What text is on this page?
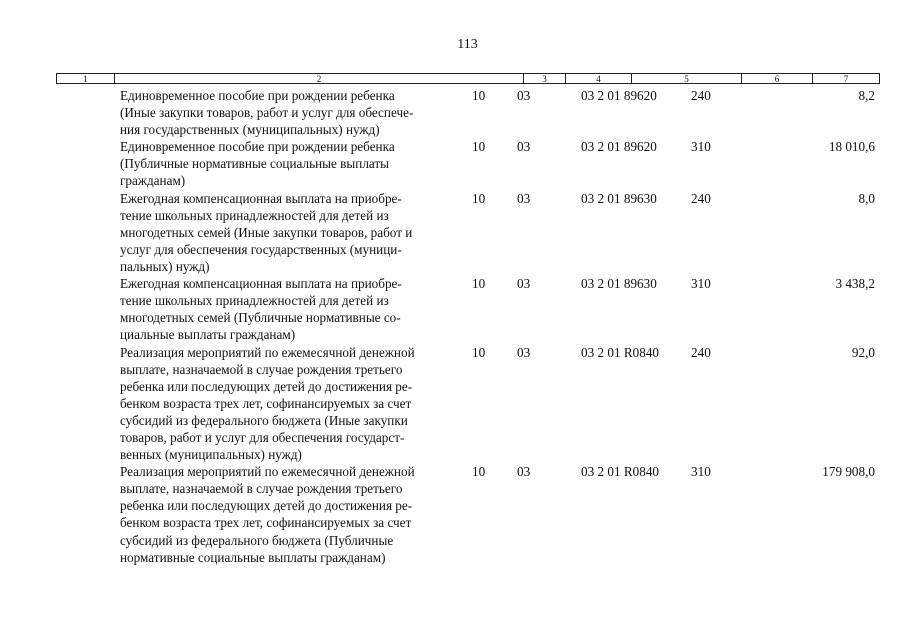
113
1	2	3	4	5	6	7
Единовременное пособие при рождении ребенка
(Иные закупки товаров, работ и услуг для обеспече-
ния государственных (муниципальных) нужд)
10 03	03 2 01 89620	240	8,2
Единовременное пособие при рождении ребенка
(Публичные нормативные социальные выплаты
гражданам)
10 03	03 2 01 89620	310	18 010,6
Ежегодная компенсационная выплата на приобре-
тение школьных принадлежностей для детей из
многодетных семей (Иные закупки товаров, работ и
услуг для обеспечения государственных (муници-
пальных) нужд)
10 03	03 2 01 89630	240	8,0
Ежегодная компенсационная выплата на приобре-
тение школьных принадлежностей для детей из
многодетных семей (Публичные нормативные со-
циальные выплаты гражданам)
10 03	03 2 01 89630	310	3 438,2
Реализация мероприятий по ежемесячной денежной
выплате, назначаемой в случае рождения третьего
ребенка или последующих детей до достижения ре-
бенком возраста трех лет, софинансируемых за счет
субсидий из федерального бюджета (Иные закупки
товаров, работ и услуг для обеспечения государст-
венных (муниципальных) нужд)
10 03	03 2 01 R0840 240	92,0
Реализация мероприятий по ежемесячной денежной
выплате, назначаемой в случае рождения третьего
ребенка или последующих детей до достижения ре-
бенком возраста трех лет, софинансируемых за счет
субсидий из федерального бюджета (Публичные
нормативные социальные выплаты гражданам)
10 03	03 2 01 R0840 310	179 908,0
